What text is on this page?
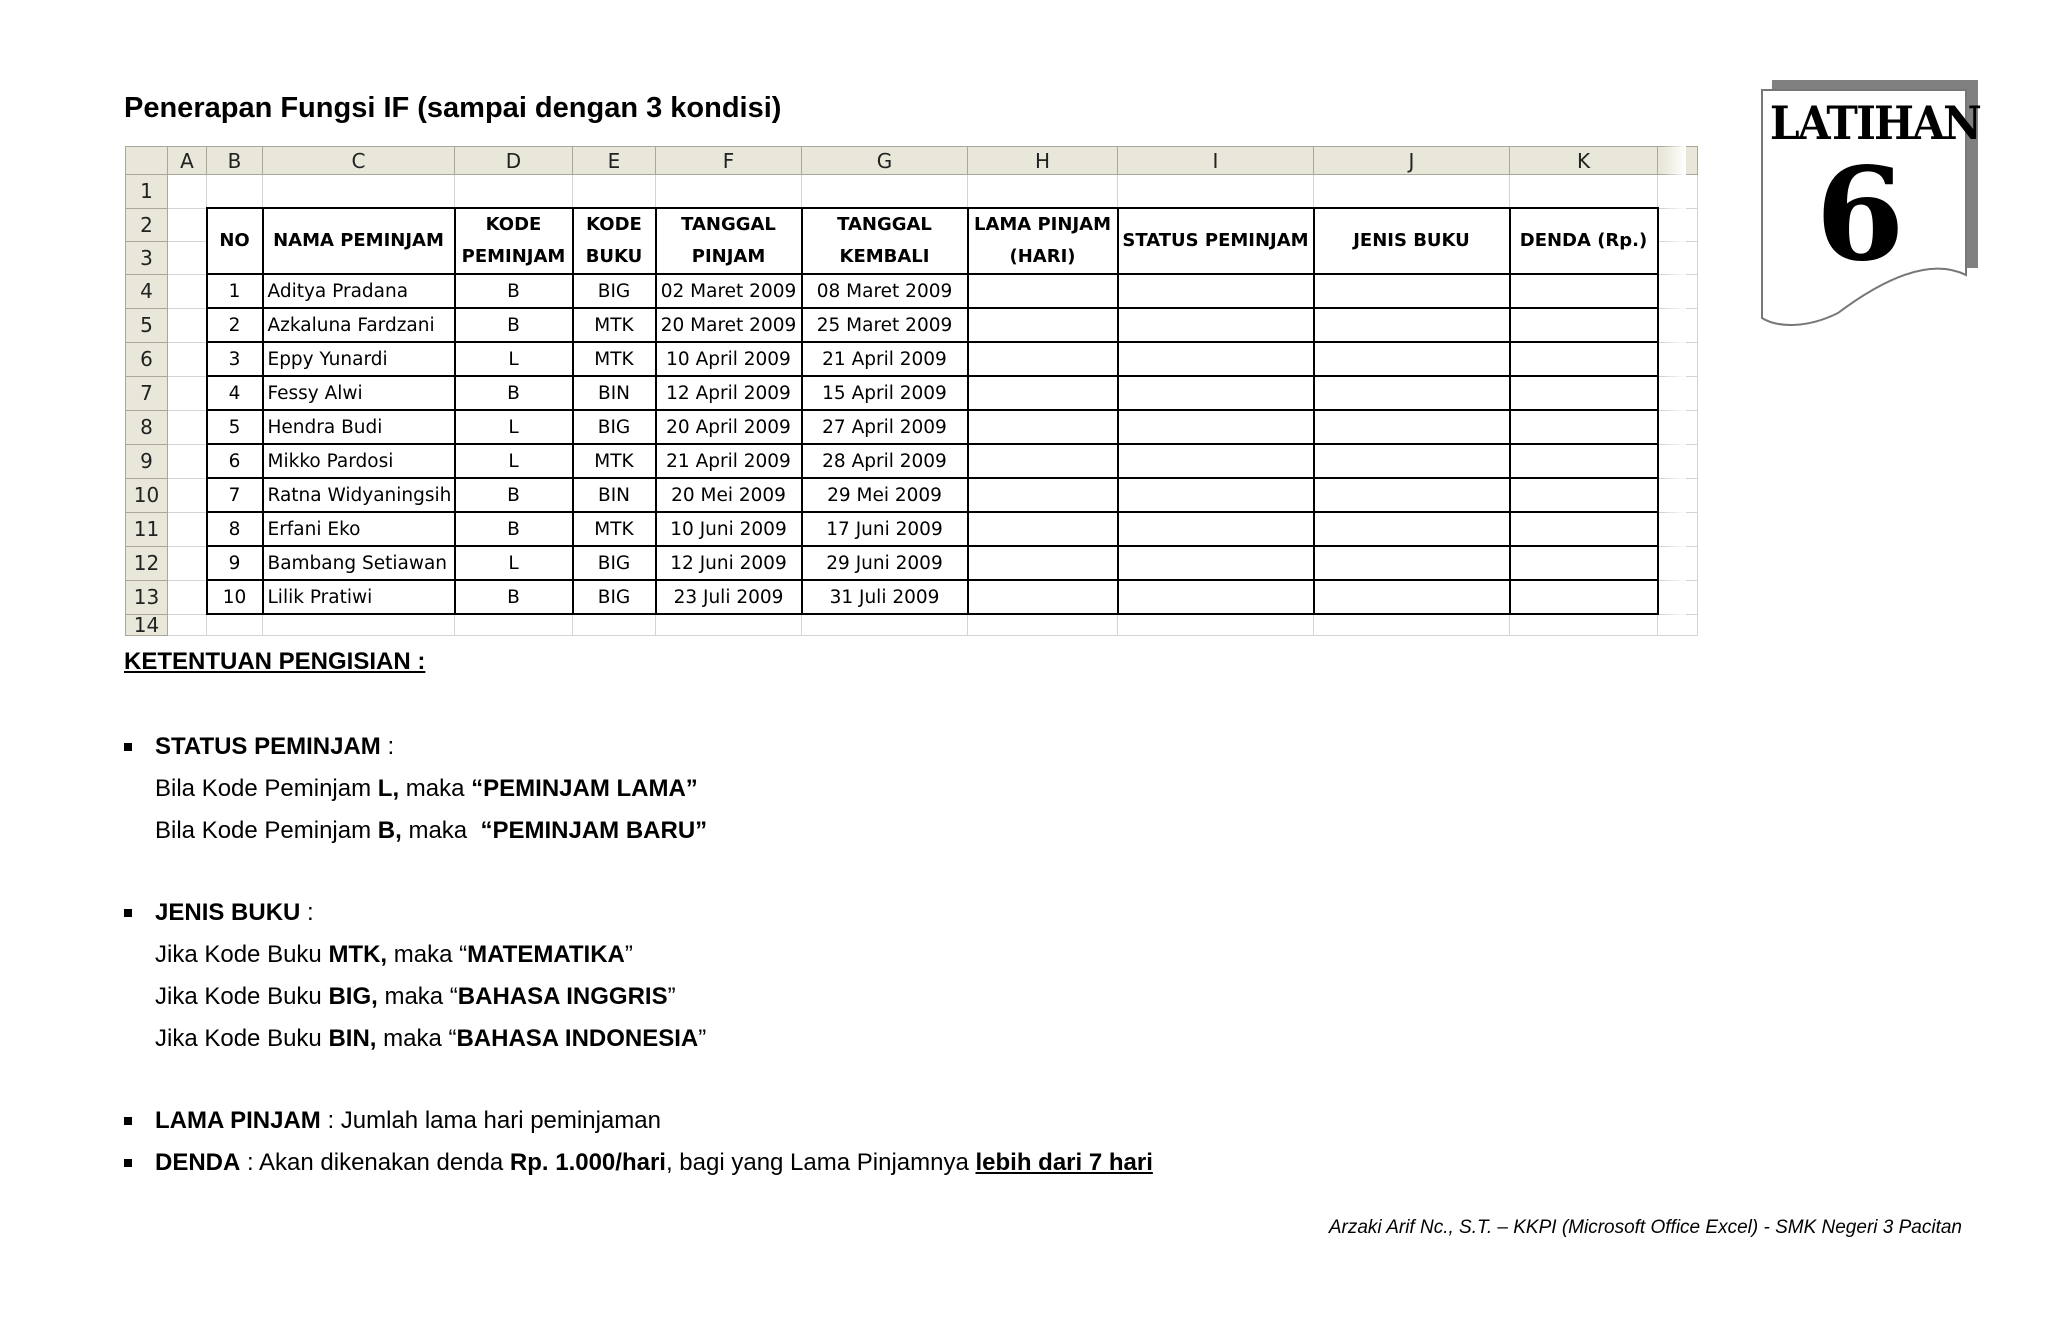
Penerapan Fungsi IF (sampai dengan 3 kondisi)	LATIHAN
6
	A	B	C	D	E	F	G	H	I	J	K	
1												
2		NO	NAMA PEMINJAM	KODE	KODE	TANGGAL	TANGGAL	LAMA PINJAM	STATUS PEMINJAM	JENIS BUKU	DENDA (Rp.)	
3				PEMINJAM	BUKU	PINJAM	KEMBALI	(HARI)				
4		1	Aditya Pradana	B	BIG	02 Maret 2009	08 Maret 2009					
5		2	Azkaluna Fardzani	B	MTK	20 Maret 2009	25 Maret 2009					
6		3	Eppy Yunardi	L	MTK	10 April 2009	21 April 2009					
7		4	Fessy Alwi	B	BIN	12 April 2009	15 April 2009					
8		5	Hendra Budi	L	BIG	20 April 2009	27 April 2009					
9		6	Mikko Pardosi	L	MTK	21 April 2009	28 April 2009					
10		7	Ratna Widyaningsih	B	BIN	20 Mei 2009	29 Mei 2009					
11		8	Erfani Eko	B	MTK	10 Juni 2009	17 Juni 2009					
12		9	Bambang Setiawan	L	BIG	12 Juni 2009	29 Juni 2009					
13		10	Lilik Pratiwi	B	BIG	23 Juli 2009	31 Juli 2009					
14												
KETENTUAN PENGISIAN :
STATUS PEMINJAM :
Bila Kode Peminjam L, maka “PEMINJAM LAMA”
Bila Kode Peminjam B, maka  “PEMINJAM BARU”
JENIS BUKU :
Jika Kode Buku MTK, maka “MATEMATIKA”
Jika Kode Buku BIG, maka “BAHASA INGGRIS”
Jika Kode Buku BIN, maka “BAHASA INDONESIA”
LAMA PINJAM : Jumlah lama hari peminjaman
DENDA : Akan dikenakan denda Rp. 1.000/hari, bagi yang Lama Pinjamnya lebih dari 7 hari
Arzaki Arif Nc., S.T. – KKPI (Microsoft Office Excel) - SMK Negeri 3 Pacitan
